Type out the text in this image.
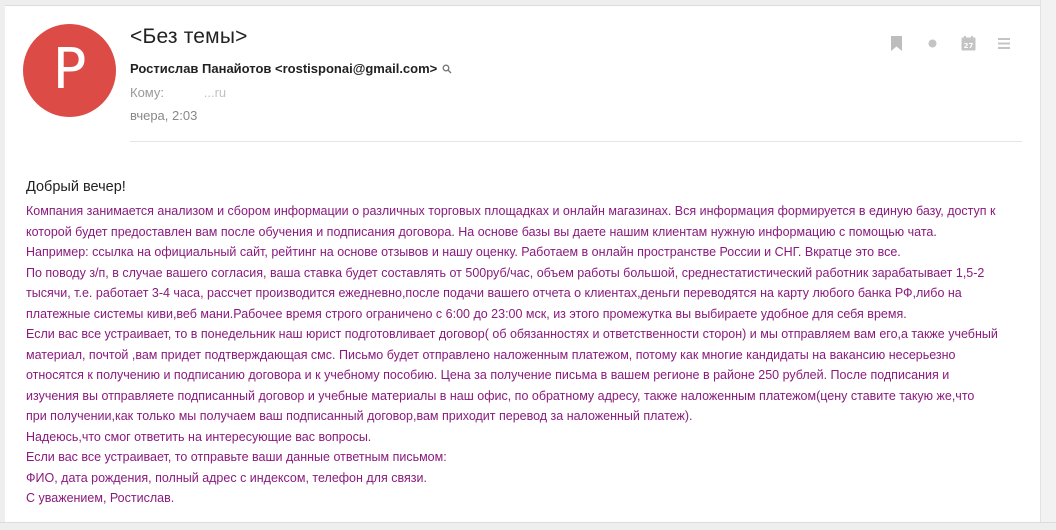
P <Без темы>
Ростислав Панайотов <rostisponai@gmail.com>
Кому:           ...ru
вчера, 2:03
27
Добрый вечер!

Компания занимается анализом и сбором информации о различных торговых площадках и онлайн магазинах. Вся информация формируется в единую базу, доступ к

которой будет предоставлен вам после обучения и подписания договора. На основе базы вы даете нашим клиентам нужную информацию с помощью чата.

Например: ссылка на официальный сайт, рейтинг на основе отзывов и нашу оценку. Работаем в онлайн пространстве России и СНГ. Вкратце это все.

По поводу з/п, в случае вашего согласия, ваша ставка будет составлять от 500руб/час, объем работы большой, среднестатистический работник зарабатывает 1,5-2

тысячи, т.е. работает 3-4 часа, рассчет производится ежедневно,после подачи вашего отчета о клиентах,деньги переводятся на карту любого банка РФ,либо на

платежные системы киви,веб мани.Рабочее время строго ограничено с 6:00 до 23:00 мск, из этого промежутка вы выбираете удобное для себя время.

Если вас все устраивает, то в понедельник наш юрист подготовливает договор( об обязанностях и ответственности сторон) и мы отправляем вам его,а также учебный

материал, почтой ,вам придет подтверждающая смс. Письмо будет отправлено наложенным платежом, потому как многие кандидаты на вакансию несерьезно

относятся к получению и подписанию договора и к учебному пособию. Цена за получение письма в вашем регионе в районе 250 рублей. После подписания и

изучения вы отправляете подписанный договор и учебные материалы в наш офис, по обратному адресу, также наложенным платежом(цену ставите такую же,что

при получении,как только мы получаем ваш подписанный договор,вам приходит перевод за наложенный платеж).

Надеюсь,что смог ответить на интересующие вас вопросы.

Если вас все устраивает, то отправьте ваши данные ответным письмом:

ФИО, дата рождения, полный адрес с индексом, телефон для связи.

С уважением, Ростислав.
